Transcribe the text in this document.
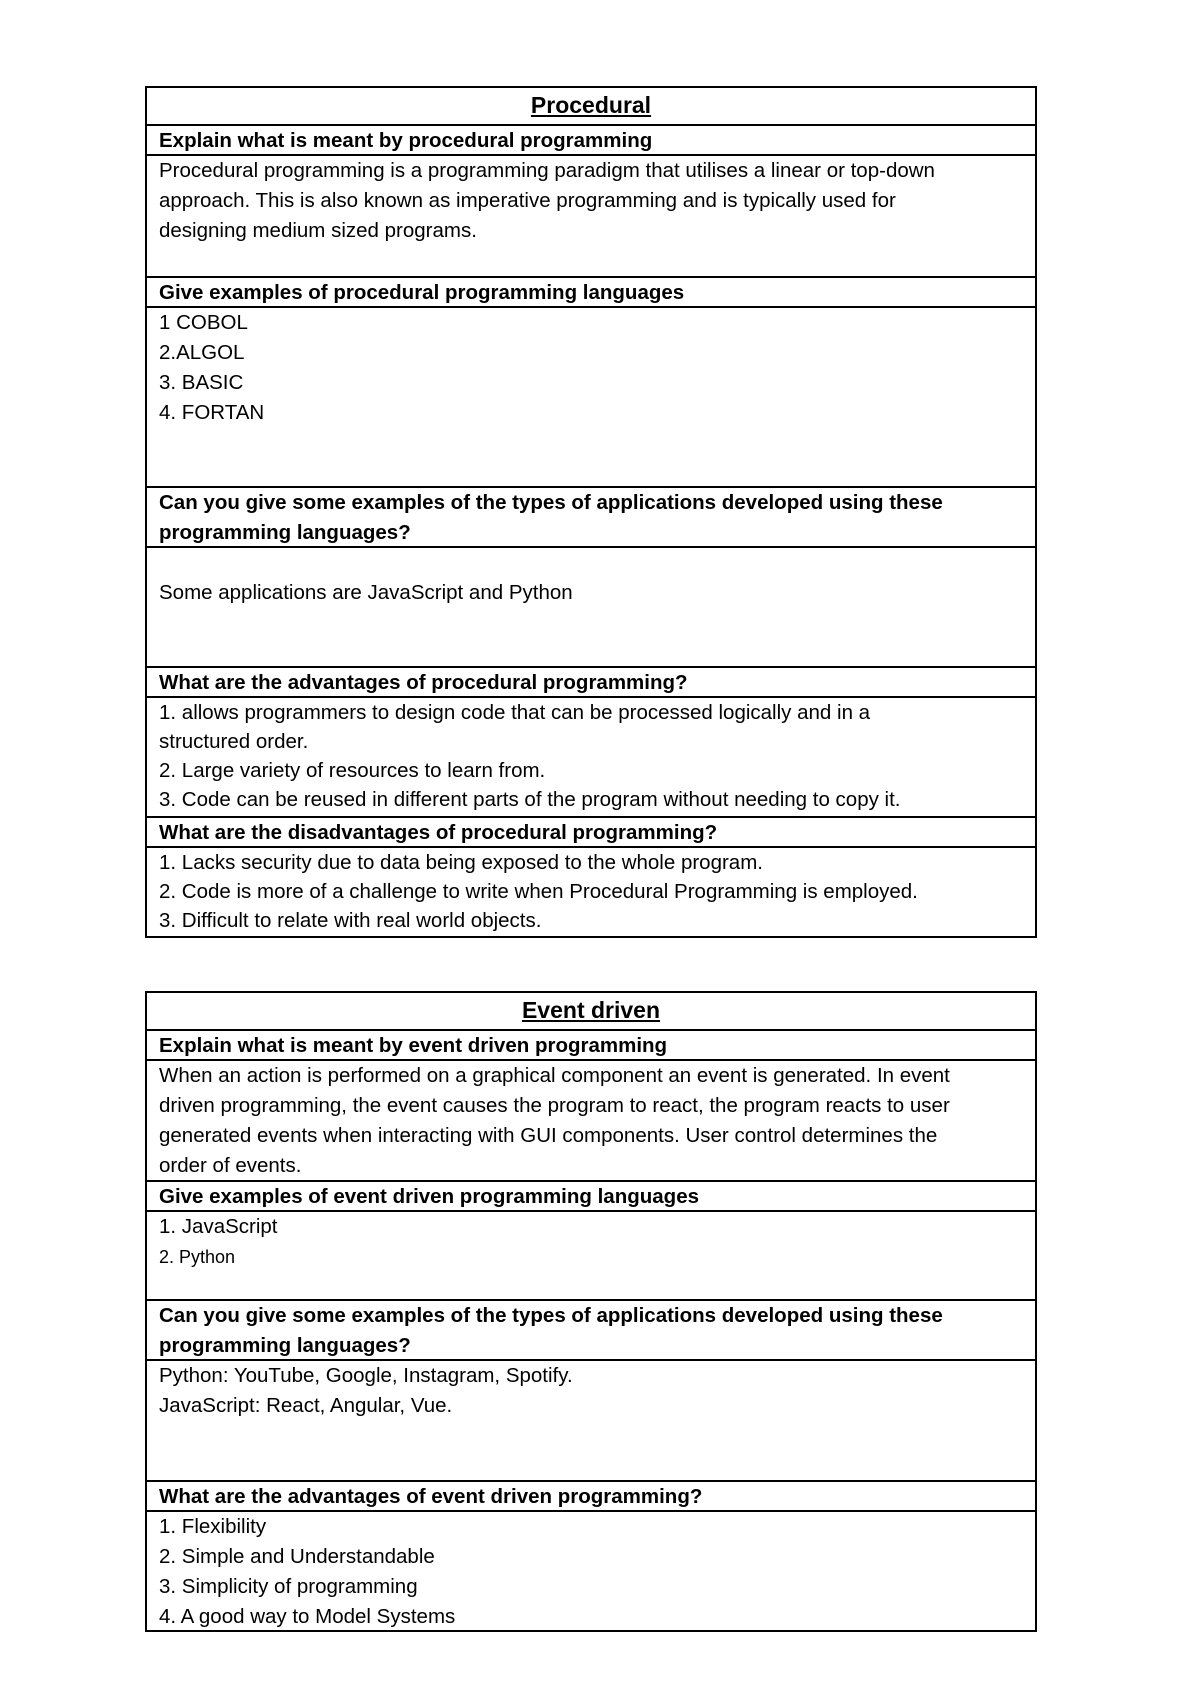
Procedural
Explain what is meant by procedural programming
Procedural programming is a programming paradigm that utilises a linear or top-down
approach. This is also known as imperative programming and is typically used for
designing medium sized programs.
Give examples of procedural programming languages
1 COBOL
2.ALGOL
3. BASIC
4. FORTAN
Can you give some examples of the types of applications developed using these
programming languages?
Some applications are JavaScript and Python
What are the advantages of procedural programming?
1. allows programmers to design code that can be processed logically and in a
structured order.
2. Large variety of resources to learn from.
3. Code can be reused in different parts of the program without needing to copy it.
What are the disadvantages of procedural programming?
1. Lacks security due to data being exposed to the whole program.
2. Code is more of a challenge to write when Procedural Programming is employed.
3. Difficult to relate with real world objects.
Event driven
Explain what is meant by event driven programming
When an action is performed on a graphical component an event is generated. In event
driven programming, the event causes the program to react, the program reacts to user
generated events when interacting with GUI components. User control determines the
order of events.
Give examples of event driven programming languages
1. JavaScript
2. Python
Can you give some examples of the types of applications developed using these
programming languages?
Python: YouTube, Google, Instagram, Spotify.
JavaScript: React, Angular, Vue.
What are the advantages of event driven programming?
1. Flexibility
2. Simple and Understandable
3. Simplicity of programming
4. A good way to Model Systems
